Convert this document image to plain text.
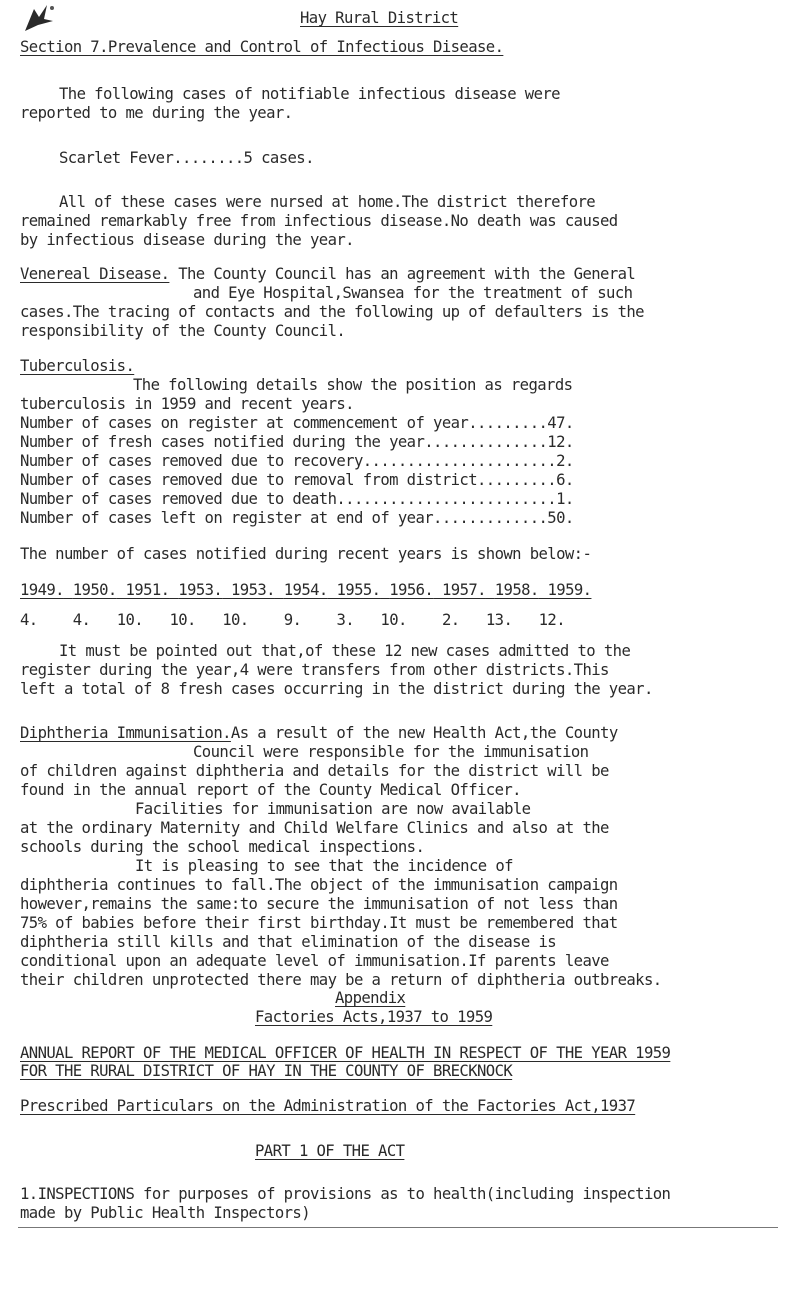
Hay Rural District
Section 7.Prevalence and Control of Infectious Disease.
The following cases of notifiable infectious disease were
reported to me during the year.
Scarlet Fever........5 cases.
All of these cases were nursed at home.The district therefore
remained remarkably free from infectious disease.No death was caused
by infectious disease during the year.
Venereal Disease. The County Council has an agreement with the General
and Eye Hospital,Swansea for the treatment of such
cases.The tracing of contacts and the following up of defaulters is the
responsibility of the County Council.
Tuberculosis.
The following details show the position as regards
tuberculosis in 1959 and recent years.
Number of cases on register at commencement of year.........47.
Number of fresh cases notified during the year..............12.
Number of cases removed due to recovery......................2.
Number of cases removed due to removal from district.........6.
Number of cases removed due to death.........................1.
Number of cases left on register at end of year.............50.
The number of cases notified during recent years is shown below:-
1949. 1950. 1951. 1953. 1953. 1954. 1955. 1956. 1957. 1958. 1959.
4. 4. 10. 10. 10. 9. 3. 10. 2. 13. 12.
It must be pointed out that,of these 12 new cases admitted to the
register during the year,4 were transfers from other districts.This
left a total of 8 fresh cases occurring in the district during the year.
Diphtheria Immunisation.As a result of the new Health Act,the County
Council were responsible for the immunisation
of children against diphtheria and details for the district will be
found in the annual report of the County Medical Officer.
Facilities for immunisation are now available
at the ordinary Maternity and Child Welfare Clinics and also at the
schools during the school medical inspections.
It is pleasing to see that the incidence of
diphtheria continues to fall.The object of the immunisation campaign
however,remains the same:to secure the immunisation of not less than
75% of babies before their first birthday.It must be remembered that
diphtheria still kills and that elimination of the disease is
conditional upon an adequate level of immunisation.If parents leave
their children unprotected there may be a return of diphtheria outbreaks.
Appendix
Factories Acts,1937 to 1959
ANNUAL REPORT OF THE MEDICAL OFFICER OF HEALTH IN RESPECT OF THE YEAR 1959
FOR THE RURAL DISTRICT OF HAY IN THE COUNTY OF BRECKNOCK
Prescribed Particulars on the Administration of the Factories Act,1937
PART 1 OF THE ACT
1.INSPECTIONS for purposes of provisions as to health(including inspection
made by Public Health Inspectors)
